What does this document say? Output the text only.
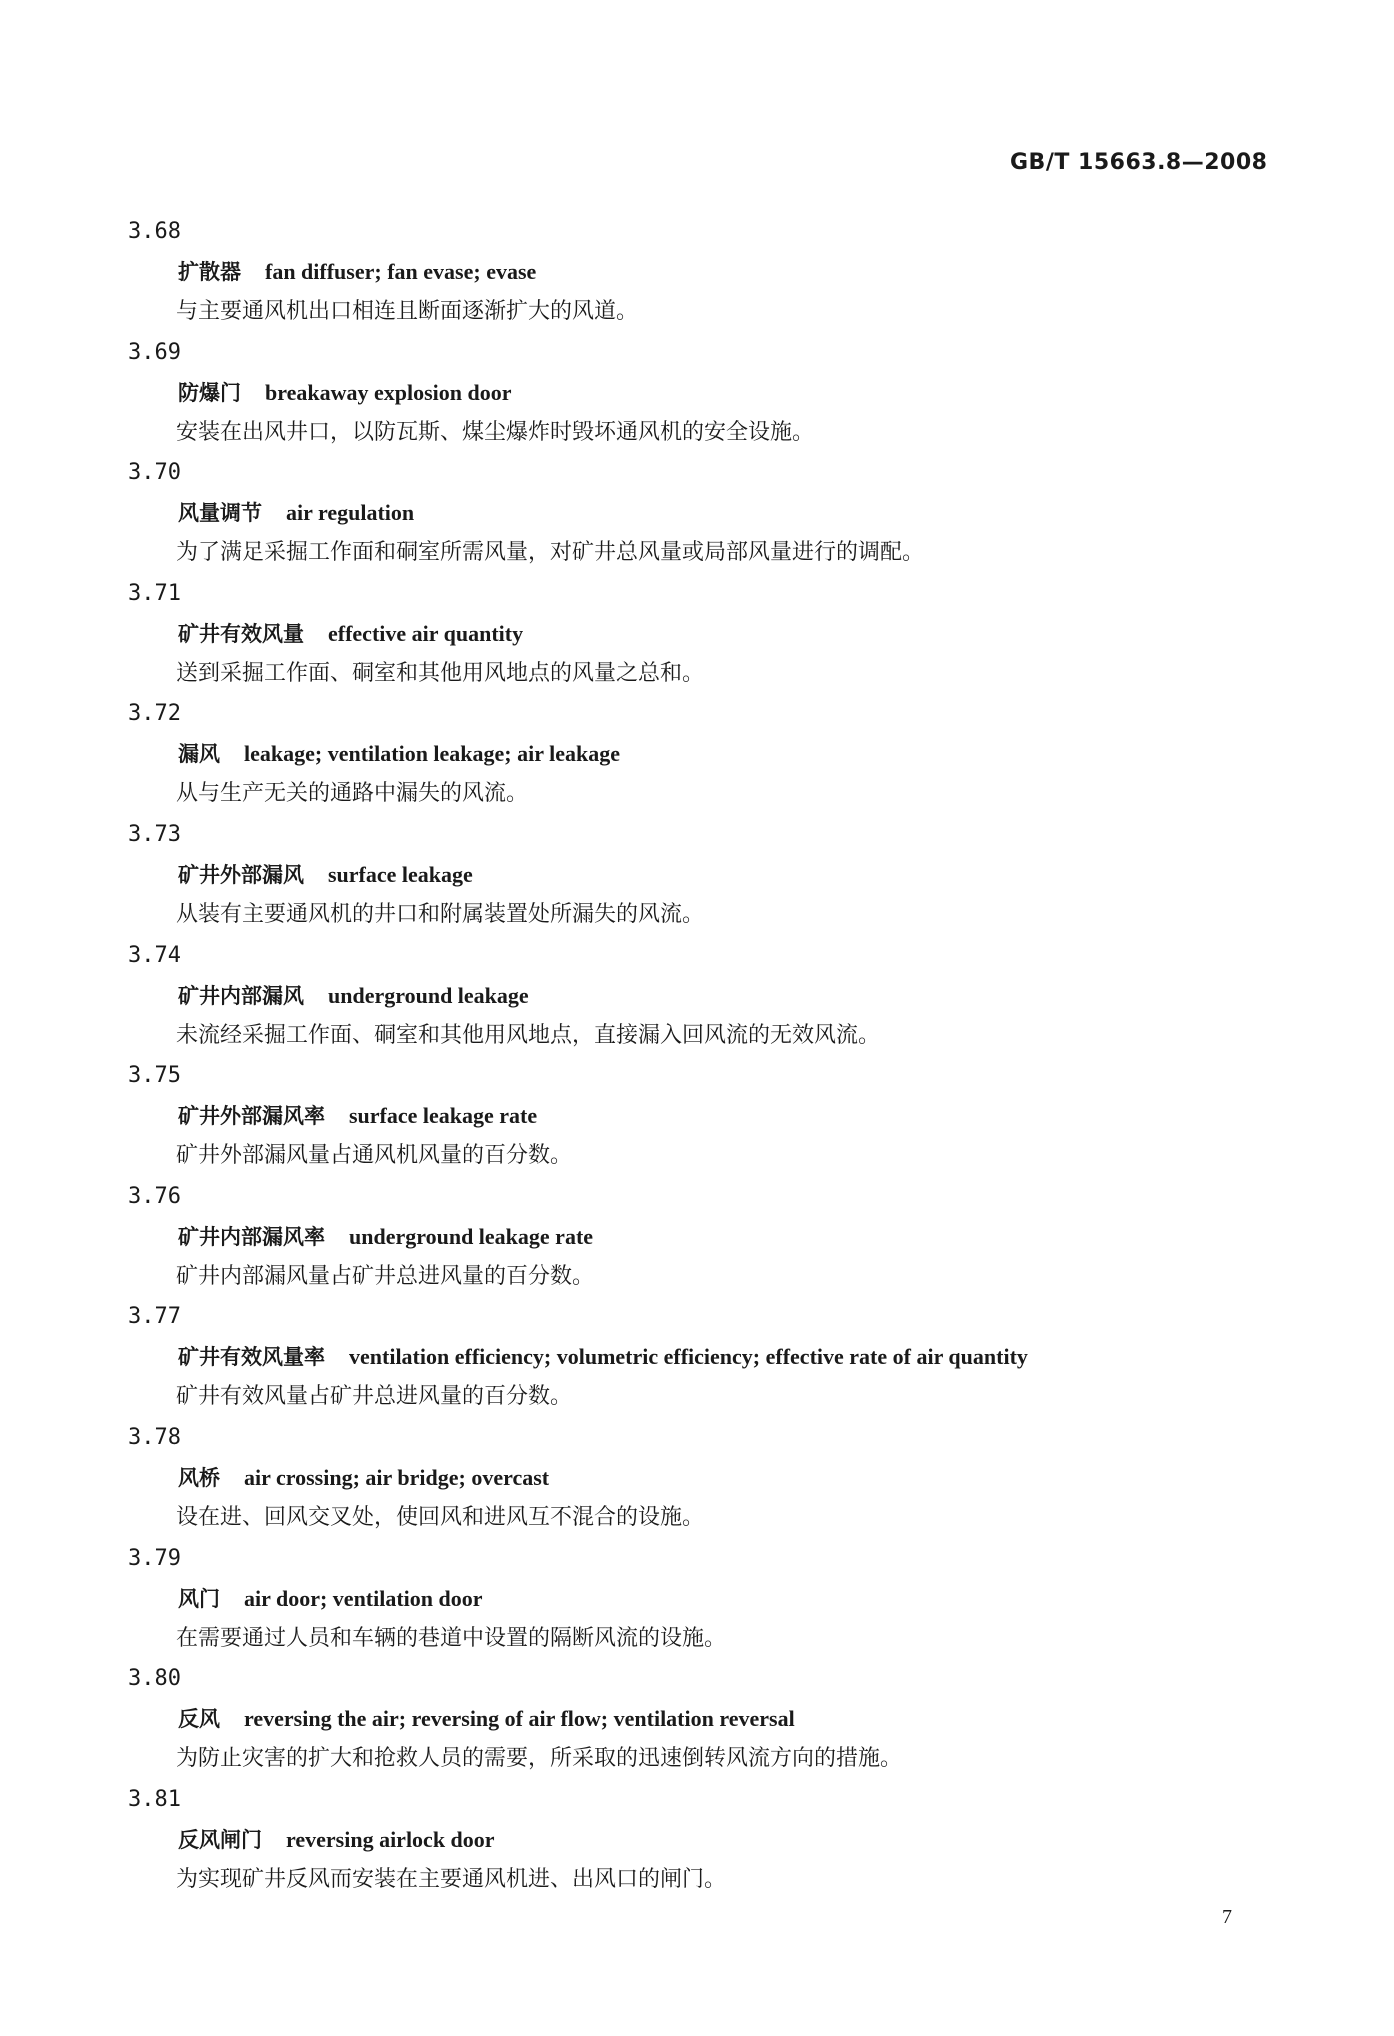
GB/T 15663.8—2008
3.68
扩散器 fan diffuser; fan evase; evase
与主要通风机出口相连且断面逐渐扩大的风道。
3.69
防爆门 breakaway explosion door
安装在出风井口，以防瓦斯、煤尘爆炸时毁坏通风机的安全设施。
3.70
风量调节 air regulation
为了满足采掘工作面和硐室所需风量，对矿井总风量或局部风量进行的调配。
3.71
矿井有效风量 effective air quantity
送到采掘工作面、硐室和其他用风地点的风量之总和。
3.72
漏风 leakage; ventilation leakage; air leakage
从与生产无关的通路中漏失的风流。
3.73
矿井外部漏风 surface leakage
从装有主要通风机的井口和附属装置处所漏失的风流。
3.74
矿井内部漏风 underground leakage
未流经采掘工作面、硐室和其他用风地点，直接漏入回风流的无效风流。
3.75
矿井外部漏风率 surface leakage rate
矿井外部漏风量占通风机风量的百分数。
3.76
矿井内部漏风率 underground leakage rate
矿井内部漏风量占矿井总进风量的百分数。
3.77
矿井有效风量率 ventilation efficiency; volumetric efficiency; effective rate of air quantity
矿井有效风量占矿井总进风量的百分数。
3.78
风桥 air crossing; air bridge; overcast
设在进、回风交叉处，使回风和进风互不混合的设施。
3.79
风门 air door; ventilation door
在需要通过人员和车辆的巷道中设置的隔断风流的设施。
3.80
反风 reversing the air; reversing of air flow; ventilation reversal
为防止灾害的扩大和抢救人员的需要，所采取的迅速倒转风流方向的措施。
3.81
反风闸门 reversing airlock door
为实现矿井反风而安装在主要通风机进、出风口的闸门。
7
